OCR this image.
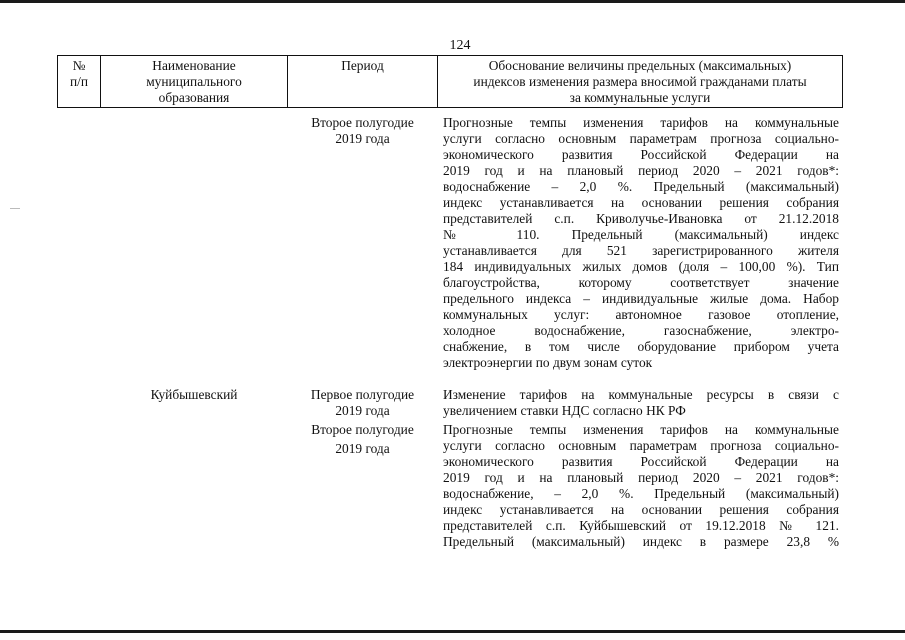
124
№
п/п
Наименование
муниципального
образования
Период	Обоснование величины предельных (максимальных)
индексов изменения размера вносимой гражданами платы
за коммунальные услуги
Второе полугодие
2019 года
Прогнозные темпы изменения тарифов на коммунальные
услуги согласно основным параметрам прогноза социально-
экономического развития Российской Федерации на
2019 год и на плановый период 2020 – 2021 годов*:
водоснабжение – 2,0 %. Предельный (максимальный)
индекс устанавливается на основании решения собрания
представителей с.п. Криволучье-Ивановка от 21.12.2018
№ 110. Предельный (максимальный) индекс
устанавливается для 521 зарегистрированного жителя
184 индивидуальных жилых домов (доля – 100,00 %). Тип
благоустройства, которому соответствует значение
предельного индекса – индивидуальные жилые дома. Набор
коммунальных услуг: автономное газовое отопление,
холодное водоснабжение, газоснабжение, электро-
снабжение, в том числе оборудование прибором учета
электроэнергии по двум зонам суток
Куйбышевский	Первое полугодие
2019 года
Изменение тарифов на коммунальные ресурсы в связи с
увеличением ставки НДС согласно НК РФ
Второе полугодие
2019 года
Прогнозные темпы изменения тарифов на коммунальные
услуги согласно основным параметрам прогноза социально-
экономического развития Российской Федерации на
2019 год и на плановый период 2020 – 2021 годов*:
водоснабжение, – 2,0 %. Предельный (максимальный)
индекс устанавливается на основании решения собрания
представителей с.п. Куйбышевский от 19.12.2018 № 121.
Предельный (максимальный) индекс в размере 23,8 %
